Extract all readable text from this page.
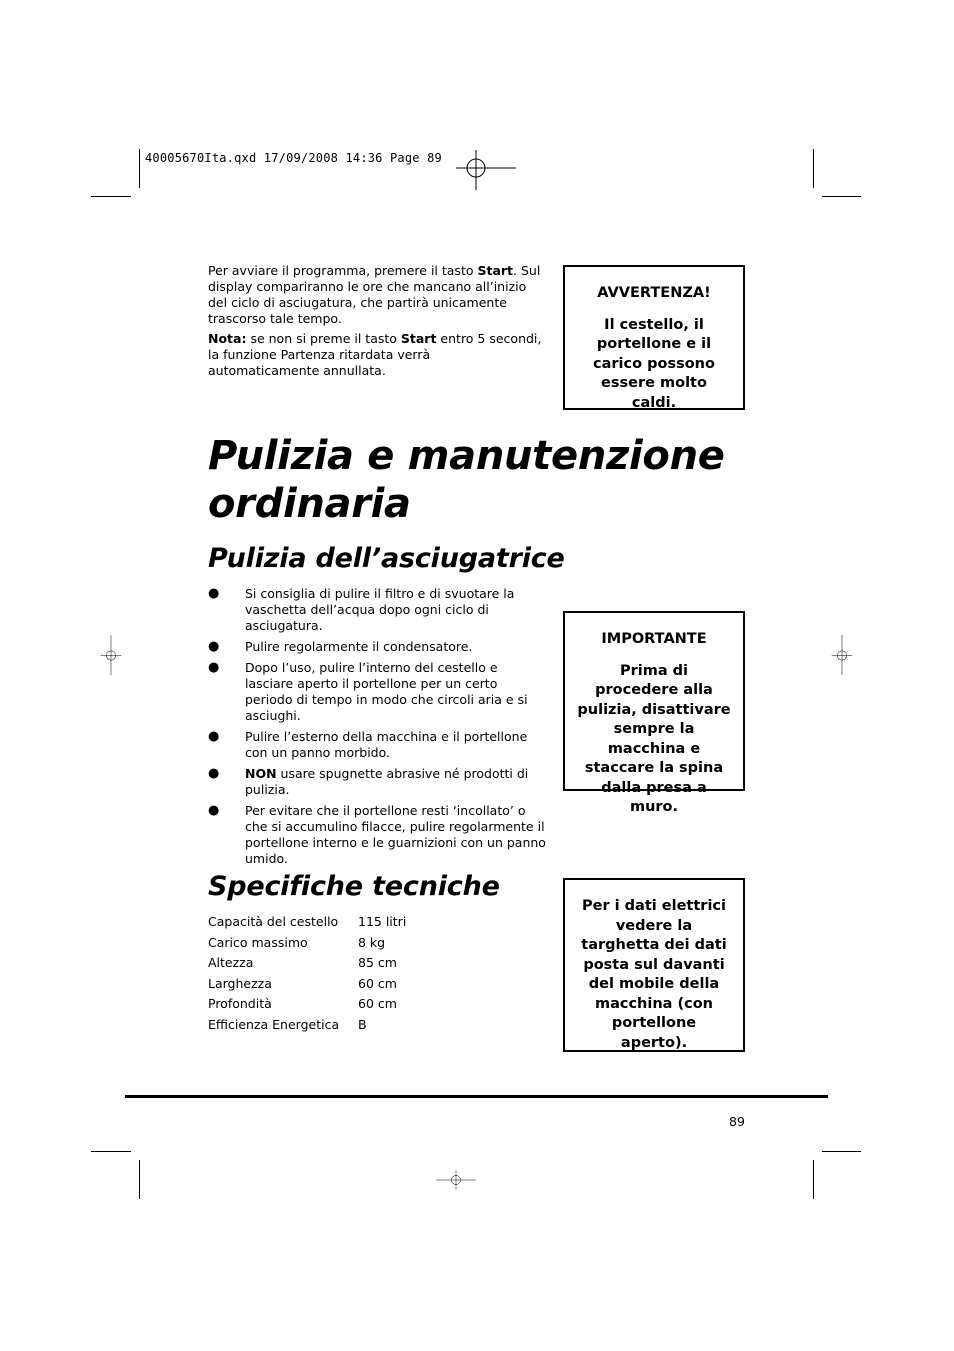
40005670Ita.qxd 17/09/2008 14:36 Page 89

Per avviare il programma, premere il tasto Start. Sul display compariranno le ore che mancano all’inizio del ciclo di asciugatura, che partirà unicamente trascorso tale tempo.

Nota: se non si preme il tasto Start entro 5 secondi, la funzione Partenza ritardata verrà automaticamente annullata.

AVVERTENZA!
Il cestello, il portellone e il carico possono essere molto caldi.
Pulizia e manutenzione ordinaria
Pulizia dell’asciugatrice
● Si consiglia di pulire il filtro e di svuotare la vaschetta dell’acqua dopo ogni ciclo di asciugatura.
● Pulire regolarmente il condensatore.
● Dopo l’uso, pulire l’interno del cestello e lasciare aperto il portellone per un certo periodo di tempo in modo che circoli aria e si asciughi.
● Pulire l’esterno della macchina e il portellone con un panno morbido.
● NON usare spugnette abrasive né prodotti di pulizia.
● Per evitare che il portellone resti ‘incollato’ o che si accumulino filacce, pulire regolarmente il portellone interno e le guarnizioni con un panno umido.
IMPORTANTE
Prima di procedere alla pulizia, disattivare sempre la macchina e staccare la spina dalla presa a muro.
Specifiche tecniche
Capacità del cestello	115 litri
Carico massimo	8 kg
Altezza	85 cm
Larghezza	60 cm
Profondità	60 cm
Efficienza Energetica	B
Per i dati elettrici vedere la targhetta dei dati posta sul davanti del mobile della macchina (con portellone aperto).
89
